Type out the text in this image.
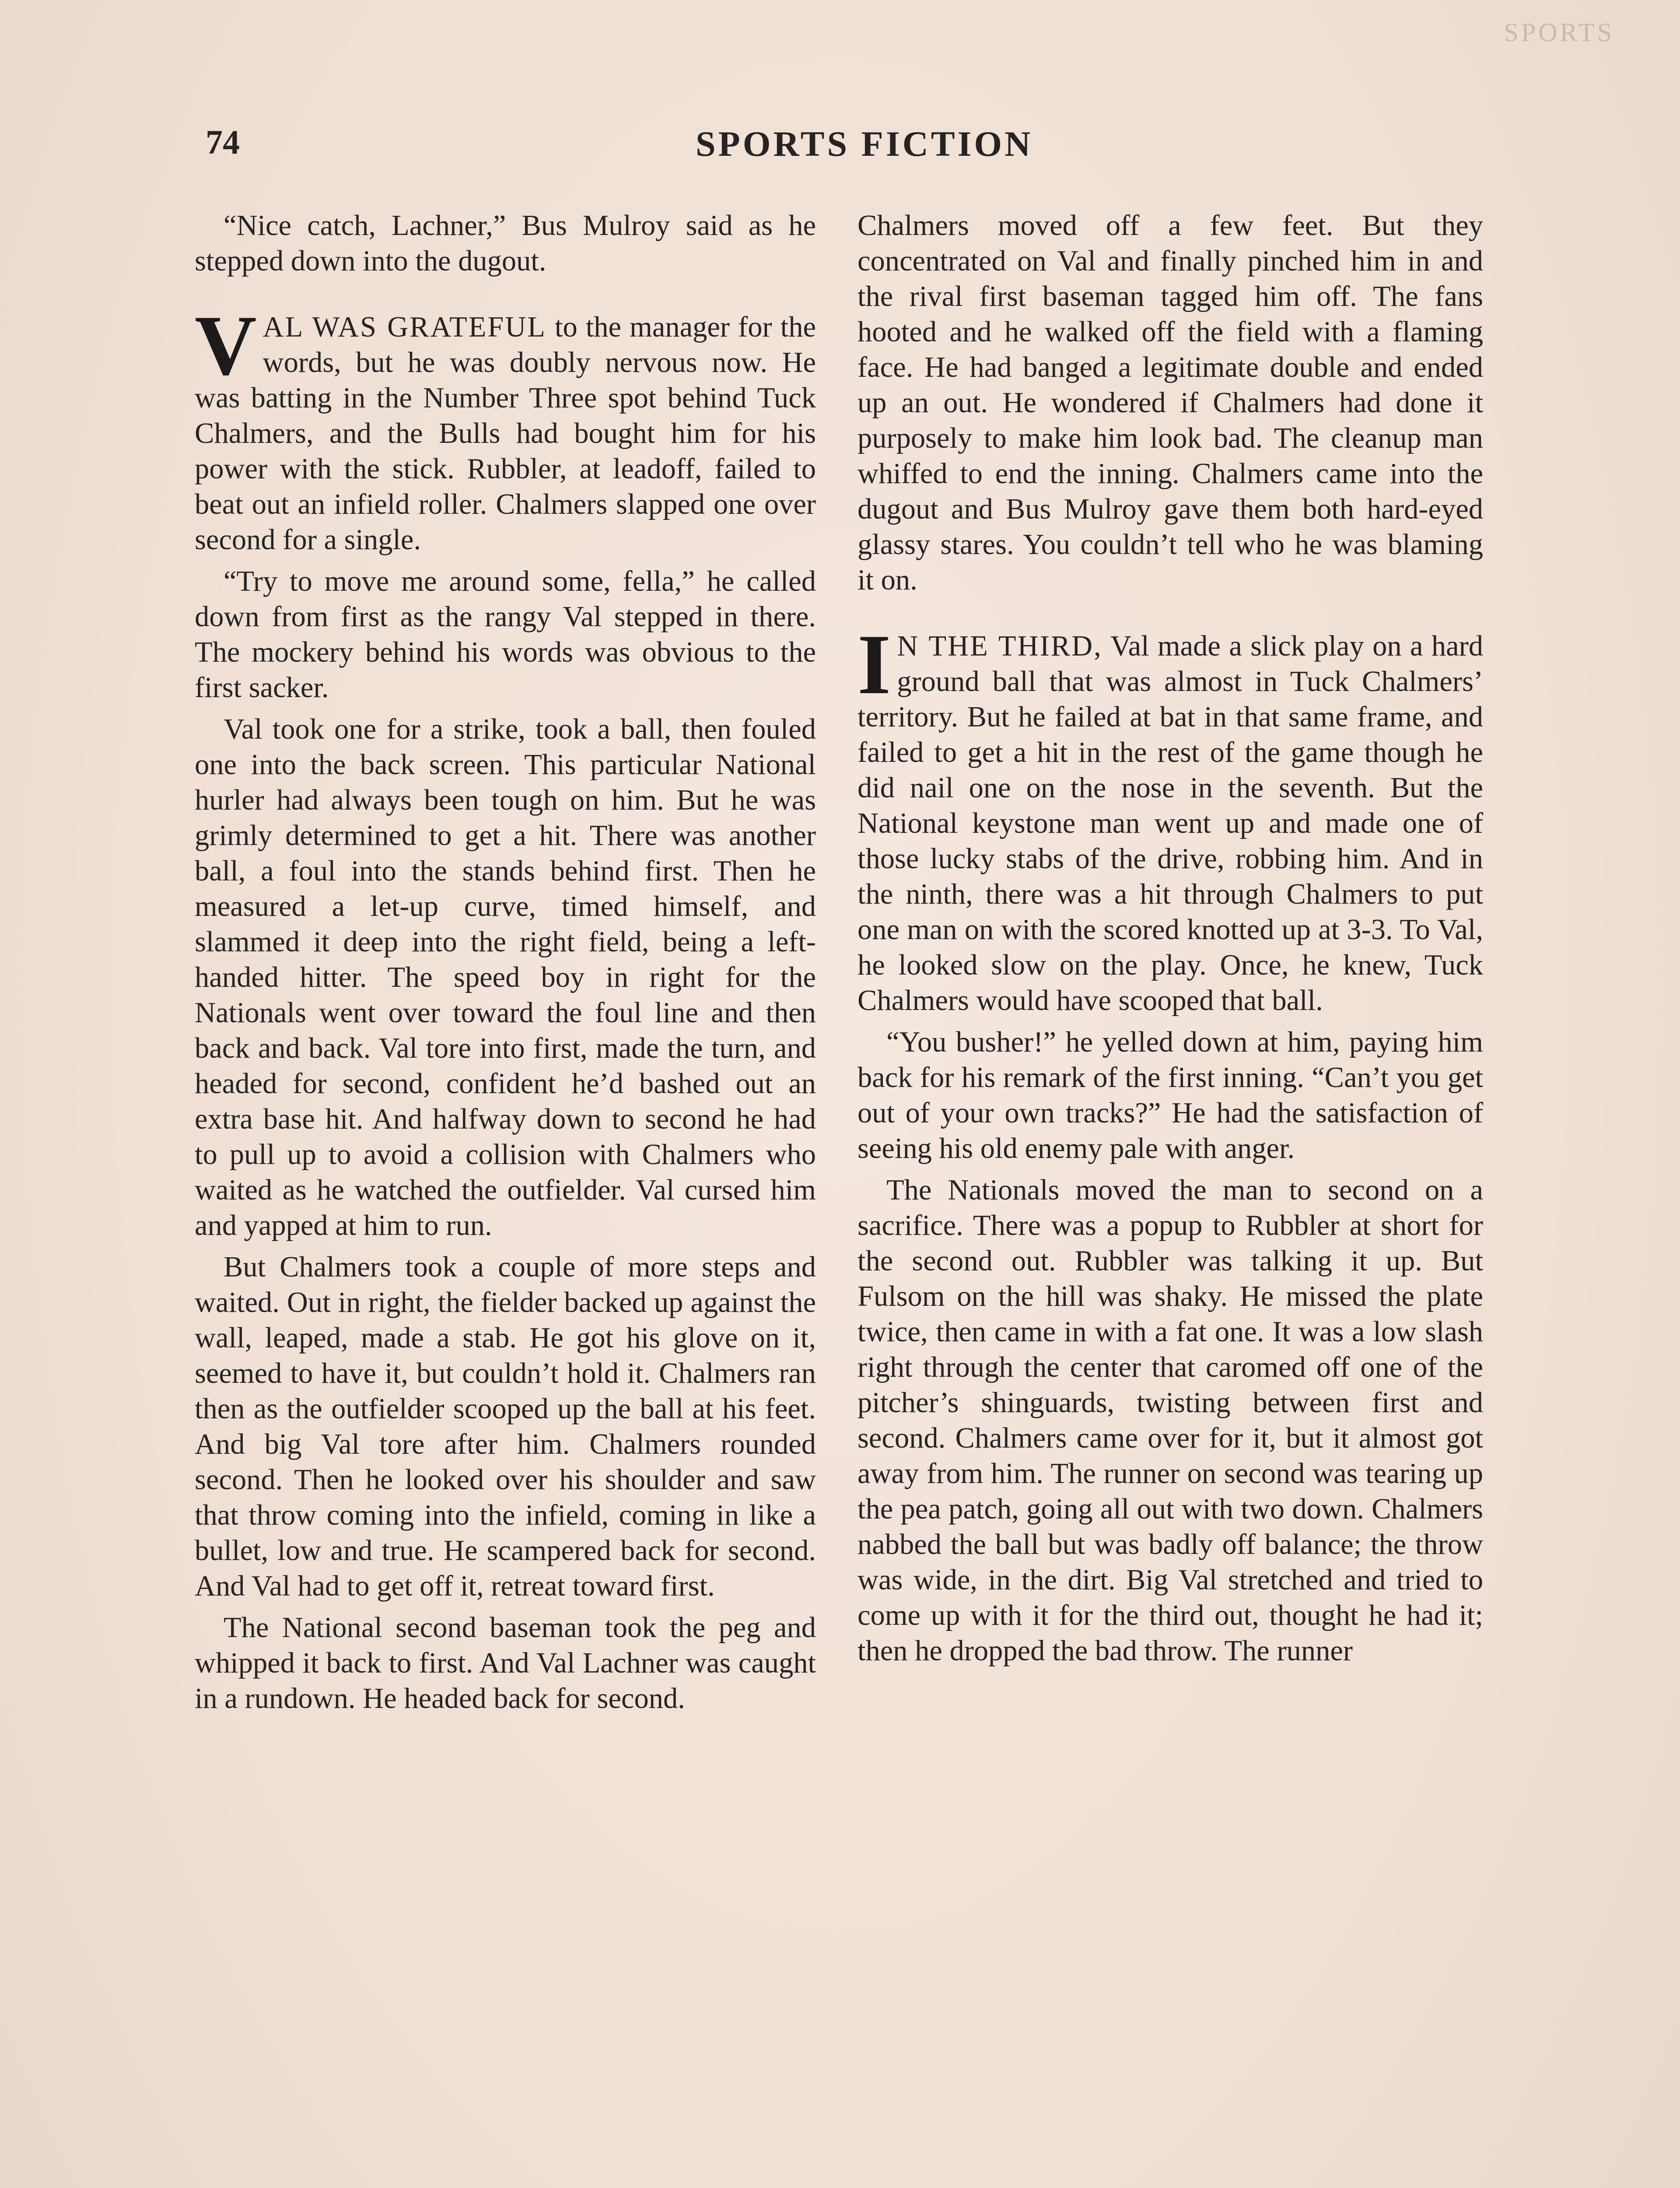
SPORTS
74	SPORTS FICTION

“Nice catch, Lachner,” Bus Mulroy said as he stepped down into the dugout.

VAL WAS GRATEFUL to the manager for the words, but he was doubly nervous now. He was batting in the Number Three spot behind Tuck Chalmers, and the Bulls had bought him for his power with the stick. Rubbler, at leadoff, failed to beat out an infield roller. Chalmers slapped one over second for a single.

“Try to move me around some, fella,” he called down from first as the rangy Val stepped in there. The mockery behind his words was obvious to the first sacker.

Val took one for a strike, took a ball, then fouled one into the back screen. This particular National hurler had always been tough on him. But he was grimly determined to get a hit. There was another ball, a foul into the stands behind first. Then he measured a let-up curve, timed himself, and slammed it deep into the right field, being a left-handed hitter. The speed boy in right for the Nationals went over toward the foul line and then back and back. Val tore into first, made the turn, and headed for second, confident he’d bashed out an extra base hit. And halfway down to second he had to pull up to avoid a collision with Chalmers who waited as he watched the outfielder. Val cursed him and yapped at him to run.

But Chalmers took a couple of more steps and waited. Out in right, the fielder backed up against the wall, leaped, made a stab. He got his glove on it, seemed to have it, but couldn’t hold it. Chalmers ran then as the outfielder scooped up the ball at his feet. And big Val tore after him. Chalmers rounded second. Then he looked over his shoulder and saw that throw coming into the infield, coming in like a bullet, low and true. He scampered back for second. And Val had to get off it, retreat toward first.

The National second baseman took the peg and whipped it back to first. And Val Lachner was caught in a rundown. He headed back for second.

Chalmers moved off a few feet. But they concentrated on Val and finally pinched him in and the rival first baseman tagged him off. The fans hooted and he walked off the field with a flaming face. He had banged a legitimate double and ended up an out. He wondered if Chalmers had done it purposely to make him look bad. The cleanup man whiffed to end the inning. Chalmers came into the dugout and Bus Mulroy gave them both hard-eyed glassy stares. You couldn’t tell who he was blaming it on.

I N THE THIRD, Val made a slick play on a hard ground ball that was almost in Tuck Chalmers’ territory. But he failed at bat in that same frame, and failed to get a hit in the rest of the game though he did nail one on the nose in the seventh. But the National keystone man went up and made one of those lucky stabs of the drive, robbing him. And in the ninth, there was a hit through Chalmers to put one man on with the scored knotted up at 3-3. To Val, he looked slow on the play. Once, he knew, Tuck Chalmers would have scooped that ball.

“You busher!” he yelled down at him, paying him back for his remark of the first inning. “Can’t you get out of your own tracks?” He had the satisfaction of seeing his old enemy pale with anger.

The Nationals moved the man to second on a sacrifice. There was a popup to Rubbler at short for the second out. Rubbler was talking it up. But Fulsom on the hill was shaky. He missed the plate twice, then came in with a fat one. It was a low slash right through the center that caromed off one of the pitcher’s shinguards, twisting between first and second. Chalmers came over for it, but it almost got away from him. The runner on second was tearing up the pea patch, going all out with two down. Chalmers nabbed the ball but was badly off balance; the throw was wide, in the dirt. Big Val stretched and tried to come up with it for the third out, thought he had it; then he dropped the bad throw. The runner
